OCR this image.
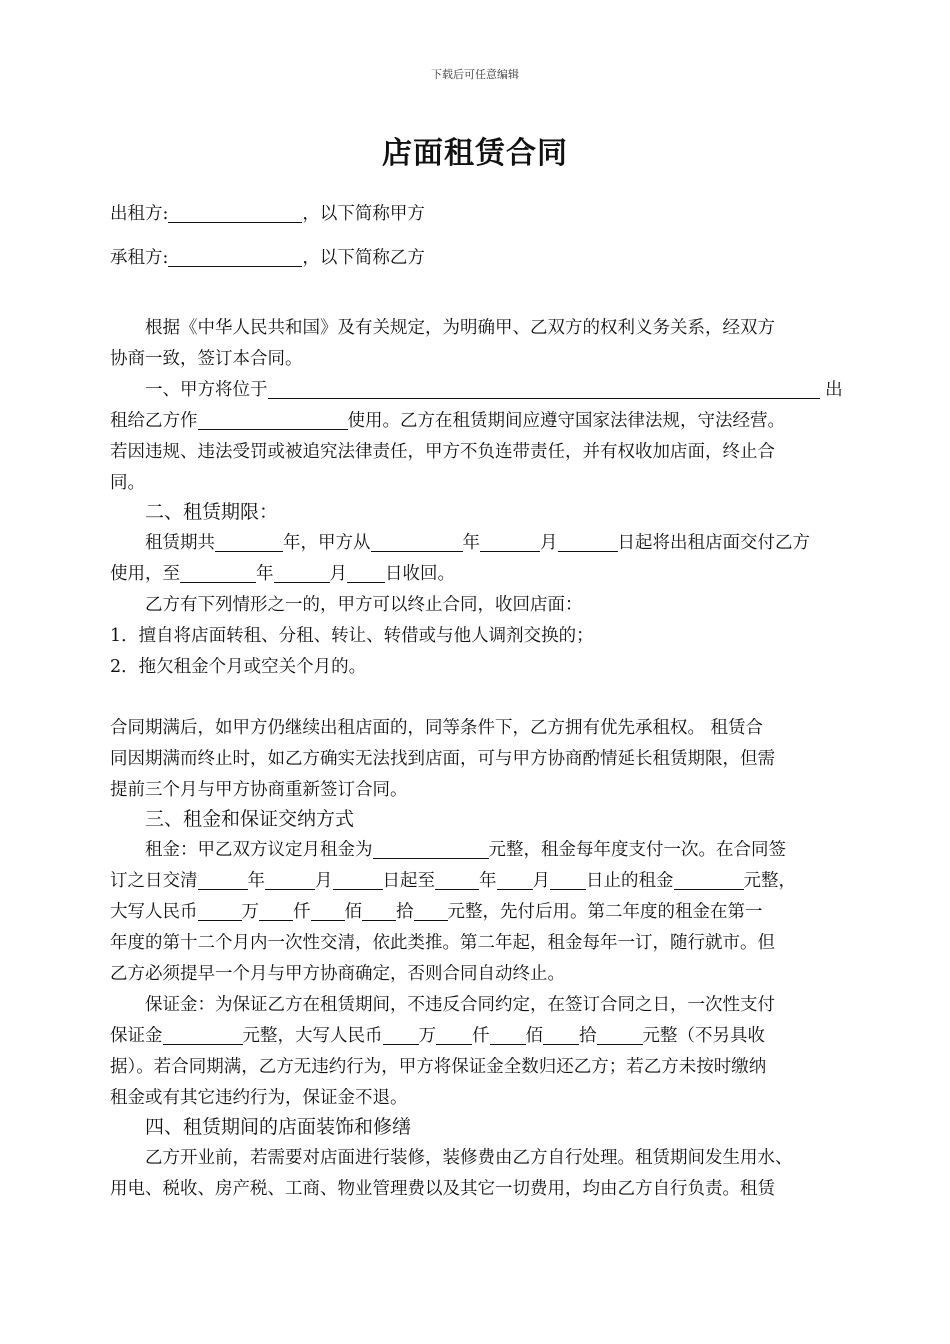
下载后可任意编辑
店面租赁合同
出租方:	，以下简称甲方
承租方:	，以下简称乙方
根据《中华人民共和国》及有关规定，为明确甲、乙双方的权利义务关系，经双方
协商一致，签订本合同。
一、甲方将位于	出
租给乙方作	使用。乙方在租赁期间应遵守国家法律法规，守法经营。
若因违规、违法受罚或被追究法律责任，甲方不负连带责任，并有权收加店面，终止合
同。
二、租赁期限：
租赁期共	年，甲方从	年	月	日起将出租店面交付乙方
使用，至	年	月 日收回。
乙方有下列情形之一的，甲方可以终止合同，收回店面：
1．擅自将店面转租、分租、转让、转借或与他人调剂交换的；
2．拖欠租金个月或空关个月的。
合同期满后，如甲方仍继续出租店面的，同等条件下，乙方拥有优先承租权。 租赁合
同因期满而终止时，如乙方确实无法找到店面，可与甲方协商酌情延长租赁期限，但需
提前三个月与甲方协商重新签订合同。
三、租金和保证交纳方式
租金：甲乙双方议定月租金为	元整，租金每年度支付一次。在合同签
订之日交清	年	月	日起至	年 月 日止的租金	元整，
大写人民币	万 仟 佰 拾 元整，先付后用。第二年度的租金在第一
年度的第十二个月内一次性交清，依此类推。第二年起，租金每年一订，随行就市。但
乙方必须提早一个月与甲方协商确定，否则合同自动终止。
保证金：为保证乙方在租赁期间，不违反合同约定，在签订合同之日，一次性支付
保证金	元整，大写人民币 万 仟 佰 拾	元整（不另具收
据）。若合同期满，乙方无违约行为，甲方将保证金全数归还乙方；若乙方未按时缴纳
租金或有其它违约行为，保证金不退。
四、租赁期间的店面装饰和修缮
乙方开业前，若需要对店面进行装修，装修费由乙方自行处理。租赁期间发生用水、
用电、税收、房产税、工商、物业管理费以及其它一切费用，均由乙方自行负责。租赁
